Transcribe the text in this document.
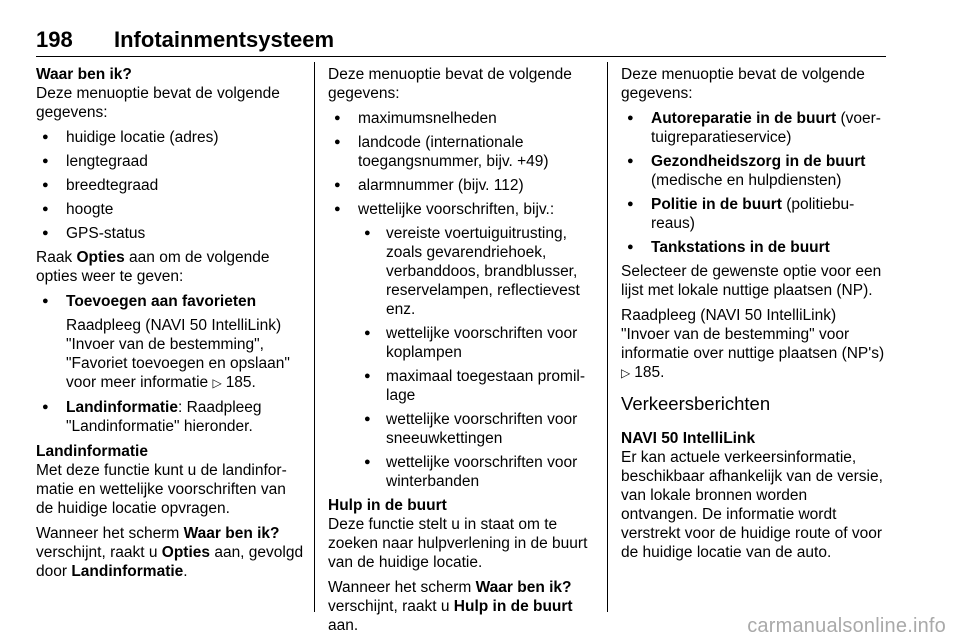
198 Infotainmentsysteem
Waar ben ik?

Deze menuoptie bevat de volgende gegevens:

● huidige locatie (adres)
● lengtegraad
● breedtegraad
● hoogte
● GPS-status

Raak Opties aan om de volgende opties weer te geven:

● Toevoegen aan favorieten
Raadpleeg (NAVI 50 IntelliLink) "Invoer van de bestemming", "Favoriet toevoegen en opslaan" voor meer informatie ▷ 185.
● Landinformatie: Raadpleeg "Landinformatie" hieronder.
Landinformatie

Met deze functie kunt u de landinfor-matie en wettelijke voorschriften van de huidige locatie opvragen.

Wanneer het scherm Waar ben ik? verschijnt, raakt u Opties aan, gevolgd door Landinformatie.

Deze menuoptie bevat de volgende gegevens:

● maximumsnelheden
● landcode (internationale toegangsnummer, bijv. +49)
● alarmnummer (bijv. 112)
● wettelijke voorschriften, bijv.:
● vereiste voertuiguitrusting, zoals gevarendriehoek, verbanddoos, brandblusser, reservelampen, reflectievest enz.
● wettelijke voorschriften voor koplampen
● maximaal toegestaan promil-lage
● wettelijke voorschriften voor sneeuwkettingen
● wettelijke voorschriften voor winterbanden
Hulp in de buurt

Deze functie stelt u in staat om te zoeken naar hulpverlening in de buurt van de huidige locatie.

Wanneer het scherm Waar ben ik? verschijnt, raakt u Hulp in de buurt aan.

Deze menuoptie bevat de volgende gegevens:

● Autoreparatie in de buurt (voer-tuigreparatieservice)
● Gezondheidszorg in de buurt (medische en hulpdiensten)
● Politie in de buurt (politiebu-reaus)
● Tankstations in de buurt

Selecteer de gewenste optie voor een lijst met lokale nuttige plaatsen (NP).

Raadpleeg (NAVI 50 IntelliLink) "Invoer van de bestemming" voor informatie over nuttige plaatsen (NP's) ▷ 185.

Verkeersberichten
NAVI 50 IntelliLink

Er kan actuele verkeersinformatie, beschikbaar afhankelijk van de versie, van lokale bronnen worden ontvangen. De informatie wordt verstrekt voor de huidige route of voor de huidige locatie van de auto.

carmanualsonline.info
